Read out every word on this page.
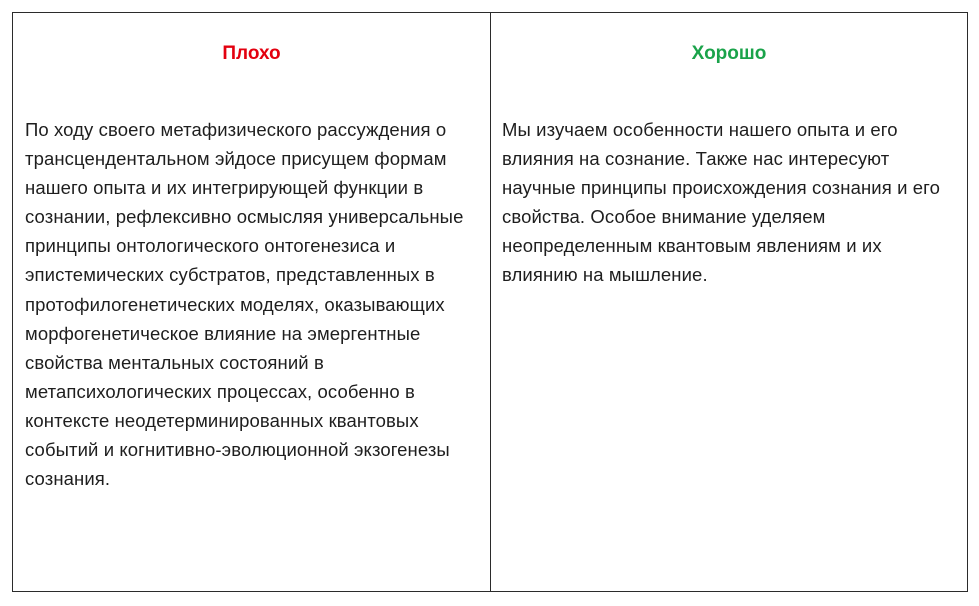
Плохо
По ходу своего метафизического рассуждения о трансцендентальном эйдосе присущем формам нашего опыта и их интегрирующей функции в сознании, рефлексивно осмысляя универсальные принципы онтологического онтогенезиса и эпистемических субстратов, представленных в протофилогенетических моделях, оказывающих морфогенетическое влияние на эмергентные свойства ментальных состояний в метапсихологических процессах, особенно в контексте неодетерминированных квантовых событий и когнитивно-эволюционной экзогенезы сознания.
Хорошо
Мы изучаем особенности нашего опыта и его влияния на сознание. Также нас интересуют научные принципы происхождения сознания и его свойства. Особое внимание уделяем неопределенным квантовым явлениям и их влиянию на мышление.
